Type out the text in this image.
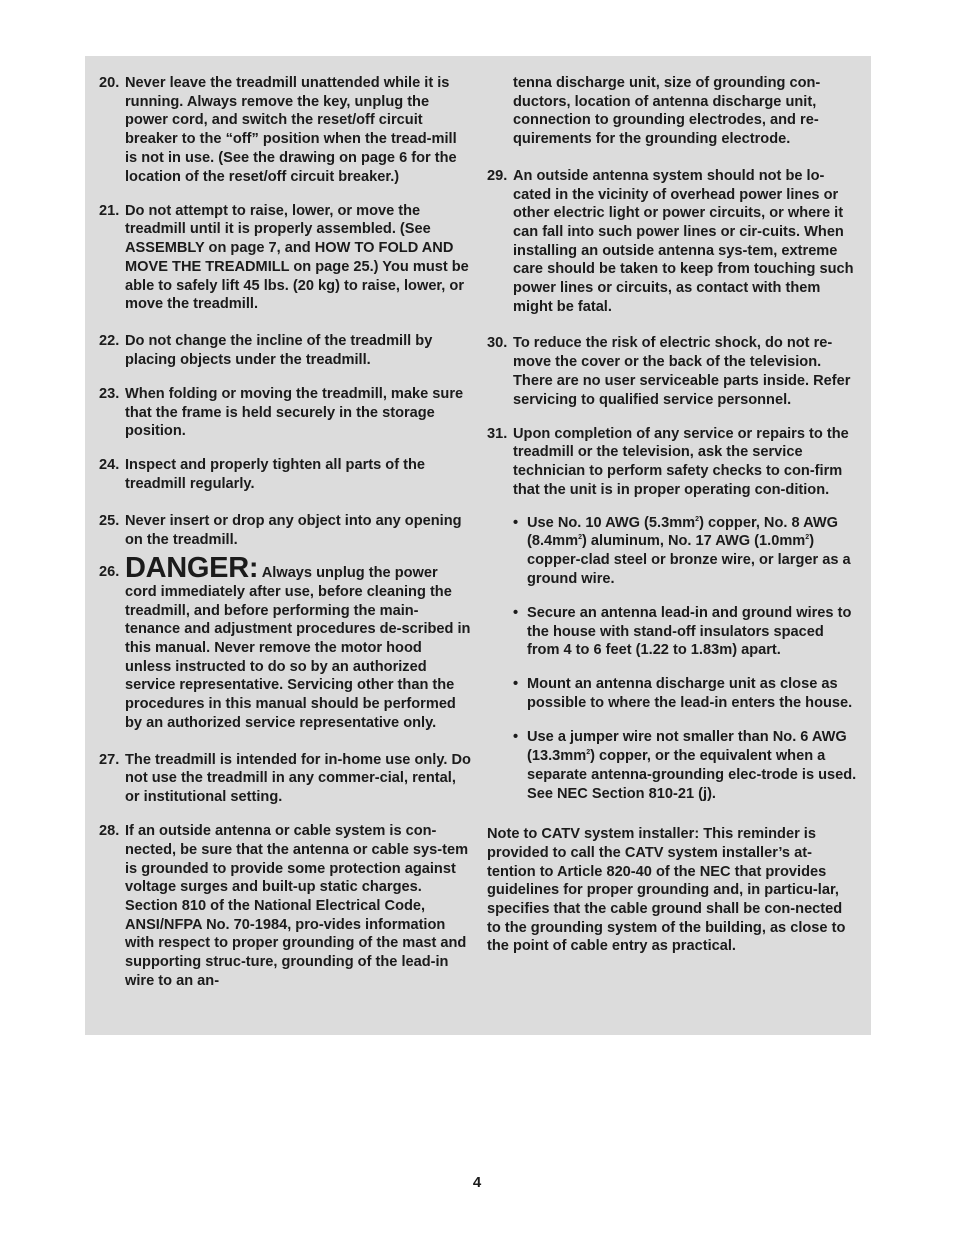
20. Never leave the treadmill unattended while it is running. Always remove the key, unplug the power cord, and switch the reset/off circuit breaker to the “off” position when the tread-mill is not in use. (See the drawing on page 6 for the location of the reset/off circuit breaker.)

21. Do not attempt to raise, lower, or move the treadmill until it is properly assembled. (See ASSEMBLY on page 7, and HOW TO FOLD AND MOVE THE TREADMILL on page 25.) You must be able to safely lift 45 lbs. (20 kg) to raise, lower, or move the treadmill.

22. Do not change the incline of the treadmill by placing objects under the treadmill.

23. When folding or moving the treadmill, make sure that the frame is held securely in the storage position.

24. Inspect and properly tighten all parts of the treadmill regularly.

25. Never insert or drop any object into any opening on the treadmill.

26. DANGER: Always unplug the power cord immediately after use, before cleaning the treadmill, and before performing the main-tenance and adjustment procedures de-scribed in this manual. Never remove the motor hood unless instructed to do so by an authorized service representative. Servicing other than the procedures in this manual should be performed by an authorized service representative only.

27. The treadmill is intended for in-home use only. Do not use the treadmill in any commer-cial, rental, or institutional setting.

28. If an outside antenna or cable system is con-nected, be sure that the antenna or cable sys-tem is grounded to provide some protection against voltage surges and built-up static charges. Section 810 of the National Electrical Code, ANSI/NFPA No. 70-1984, pro-vides information with respect to proper grounding of the mast and supporting struc-ture, grounding of the lead-in wire to an an-

tenna discharge unit, size of grounding con-ductors, location of antenna discharge unit, connection to grounding electrodes, and re-quirements for the grounding electrode.

29. An outside antenna system should not be lo-cated in the vicinity of overhead power lines or other electric light or power circuits, or where it can fall into such power lines or cir-cuits. When installing an outside antenna sys-tem, extreme care should be taken to keep from touching such power lines or circuits, as contact with them might be fatal.

30. To reduce the risk of electric shock, do not re-move the cover or the back of the television. There are no user serviceable parts inside. Refer servicing to qualified service personnel.

31. Upon completion of any service or repairs to the treadmill or the television, ask the service technician to perform safety checks to con-firm that the unit is in proper operating con-dition.

• Use No. 10 AWG $(5.3mm^2)$ copper, No. 8 AWG $(8.4mm^2)$ aluminum, No. 17 AWG $(1.0mm^2)$ copper-clad steel or bronze wire, or larger as a ground wire.

• Secure an antenna lead-in and ground wires to the house with stand-off insulators spaced from 4 to 6 feet (1.22 to 1.83m) apart.

• Mount an antenna discharge unit as close as possible to where the lead-in enters the house.

• Use a jumper wire not smaller than No. 6 AWG $(13.3mm^2)$ copper, or the equivalent when a separate antenna-grounding elec-trode is used. See NEC Section 810-21 (j).

Note to CATV system installer: This reminder is provided to call the CATV system installer’s at-tention to Article 820-40 of the NEC that provides guidelines for proper grounding and, in particu-lar, specifies that the cable ground shall be con-nected to the grounding system of the building, as close to the point of cable entry as practical.

4
